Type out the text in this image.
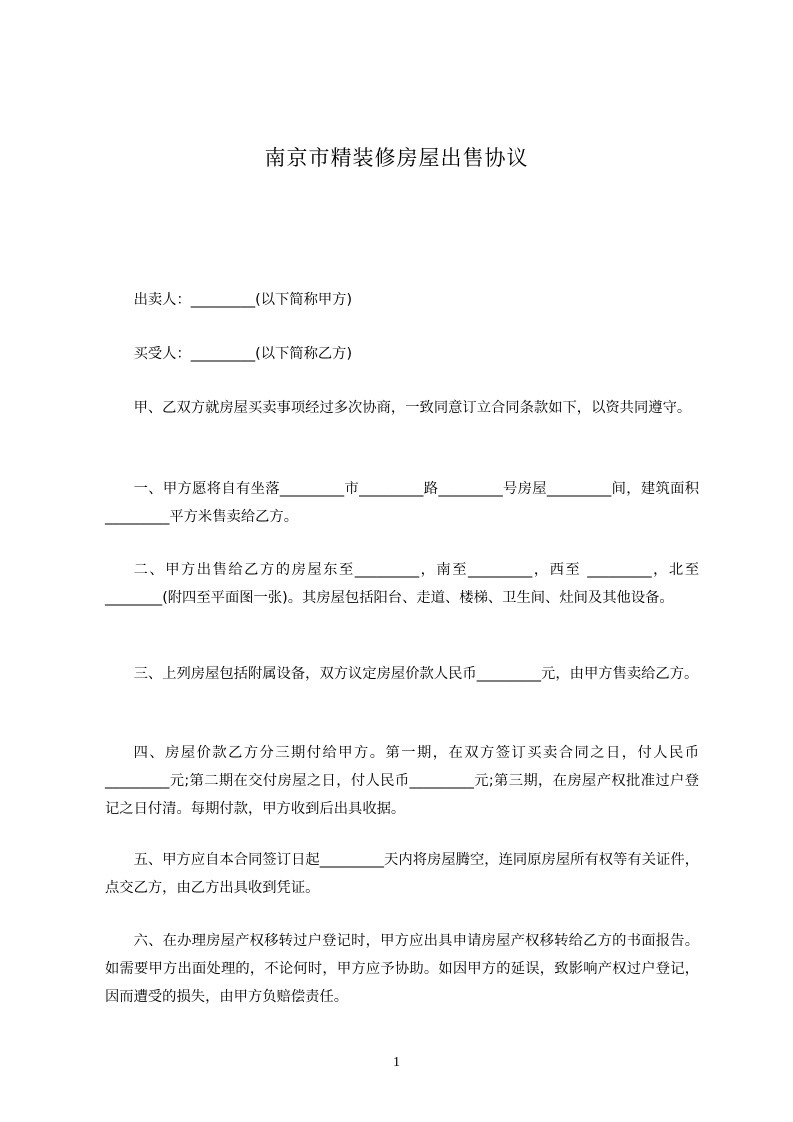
南京市精装修房屋出售协议

出卖人：_________(以下简称甲方)

买受人：_________(以下简称乙方)

甲、乙双方就房屋买卖事项经过多次协商，一致同意订立合同条款如下，以资共同遵守。

一、甲方愿将自有坐落_________市_________路_________号房屋_________间，建筑面积_________平方米售卖给乙方。

二、甲方出售给乙方的房屋东至_________，南至_________，西至 _________，北至________(附四至平面图一张)。其房屋包括阳台、走道、楼梯、卫生间、灶间及其他设备。

三、上列房屋包括附属设备，双方议定房屋价款人民币_________元，由甲方售卖给乙方。

四、房屋价款乙方分三期付给甲方。第一期，在双方签订买卖合同之日，付人民币 _________元;第二期在交付房屋之日，付人民币_________元;第三期，在房屋产权批准过户登记之日付清。每期付款，甲方收到后出具收据。

五、甲方应自本合同签订日起_________天内将房屋腾空，连同原房屋所有权等有关证件，点交乙方，由乙方出具收到凭证。

六、在办理房屋产权移转过户登记时，甲方应出具申请房屋产权移转给乙方的书面报告。如需要甲方出面处理的，不论何时，甲方应予协助。如因甲方的延误，致影响产权过户登记，因而遭受的损失，由甲方负赔偿责任。

1
